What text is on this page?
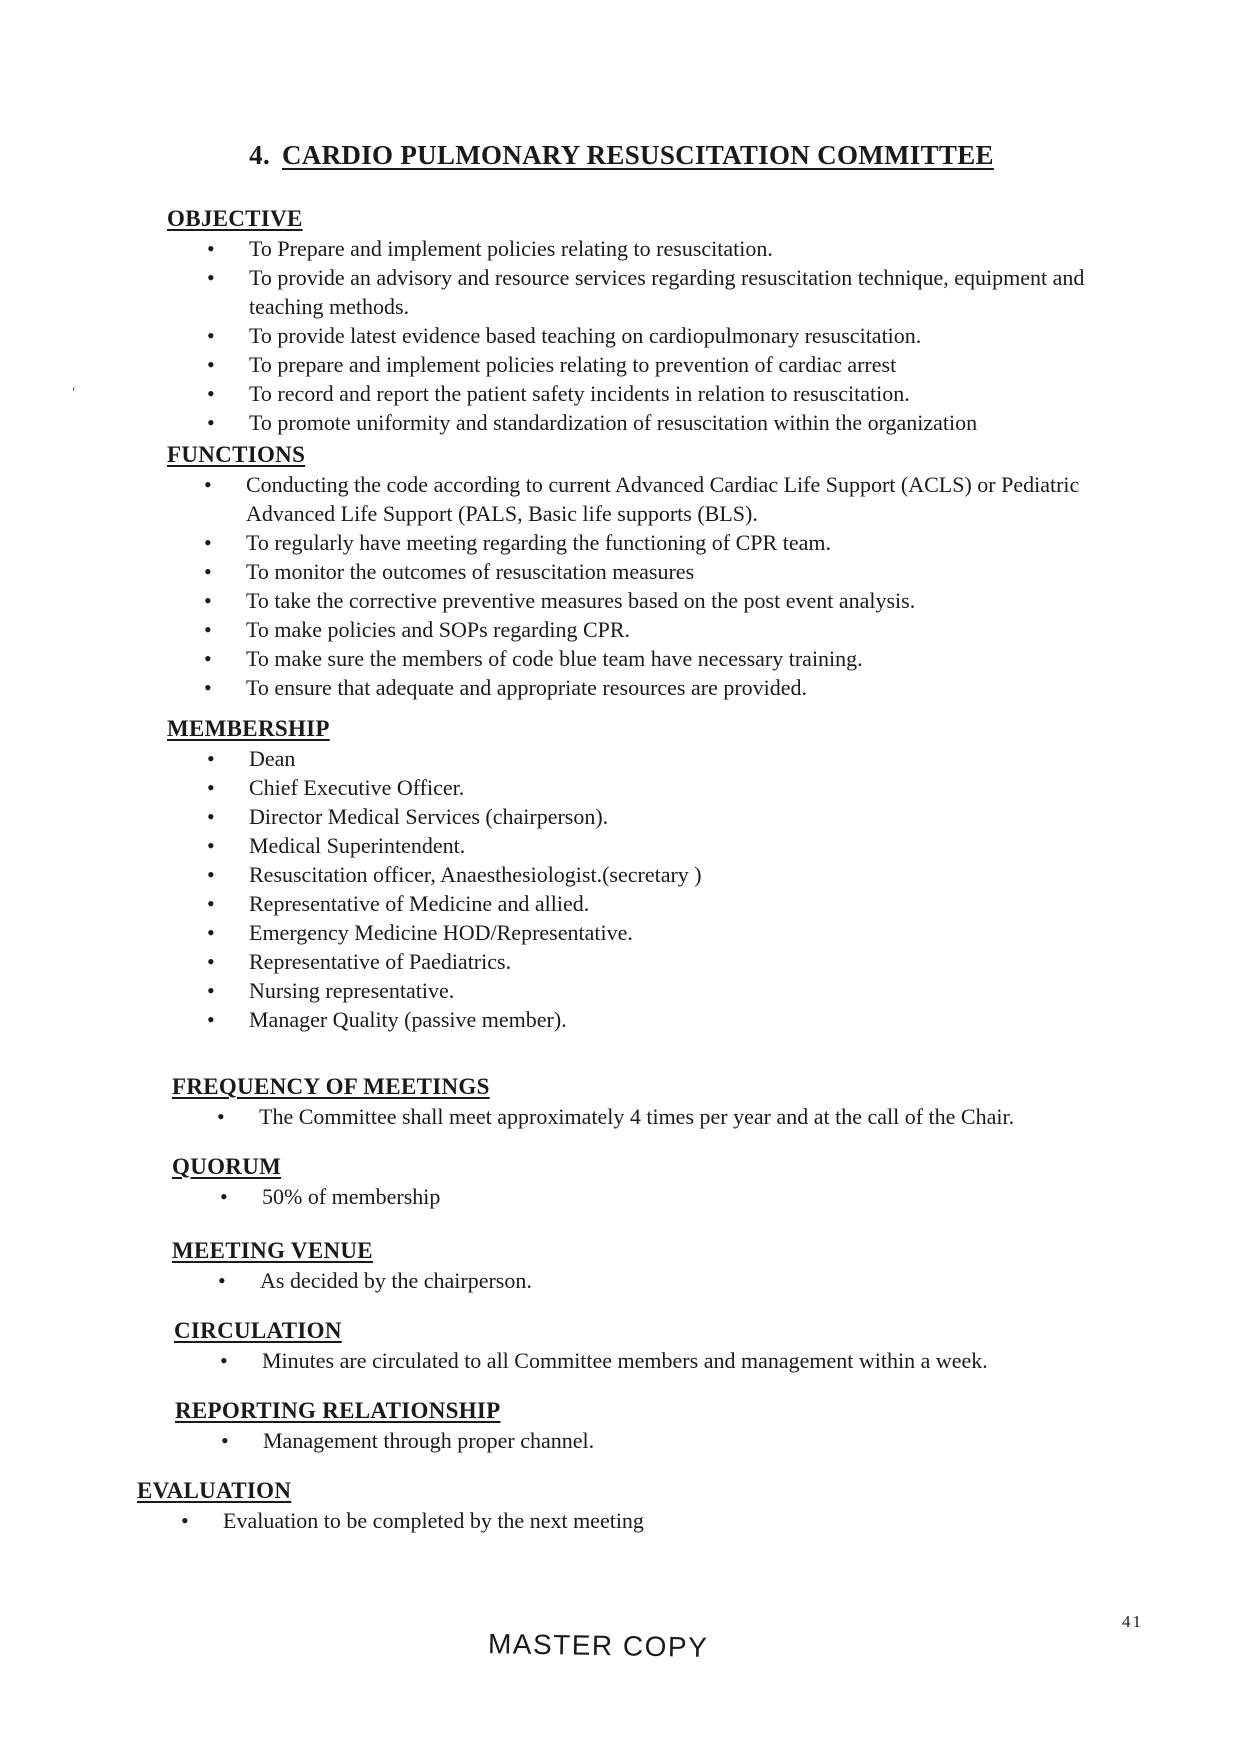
4. CARDIO PULMONARY RESUSCITATION COMMITTEE
′
OBJECTIVE
• To Prepare and implement policies relating to resuscitation.
• To provide an advisory and resource services regarding resuscitation technique, equipment and teaching methods.
• To provide latest evidence based teaching on cardiopulmonary resuscitation.
• To prepare and implement policies relating to prevention of cardiac arrest
• To record and report the patient safety incidents in relation to resuscitation.
• To promote uniformity and standardization of resuscitation within the organization
FUNCTIONS
• Conducting the code according to current Advanced Cardiac Life Support (ACLS) or Pediatric Advanced Life Support (PALS, Basic life supports (BLS).
• To regularly have meeting regarding the functioning of CPR team.
• To monitor the outcomes of resuscitation measures
• To take the corrective preventive measures based on the post event analysis.
• To make policies and SOPs regarding CPR.
• To make sure the members of code blue team have necessary training.
• To ensure that adequate and appropriate resources are provided.
MEMBERSHIP
• Dean
• Chief Executive Officer.
• Director Medical Services (chairperson).
• Medical Superintendent.
• Resuscitation officer, Anaesthesiologist.(secretary )
• Representative of Medicine and allied.
• Emergency Medicine HOD/Representative.
• Representative of Paediatrics.
• Nursing representative.
• Manager Quality (passive member).
FREQUENCY OF MEETINGS
• The Committee shall meet approximately 4 times per year and at the call of the Chair.
QUORUM
• 50% of membership
MEETING VENUE
• As decided by the chairperson.
CIRCULATION
• Minutes are circulated to all Committee members and management within a week.
REPORTING RELATIONSHIP
• Management through proper channel.
EVALUATION
• Evaluation to be completed by the next meeting
41
MASTER COPY
